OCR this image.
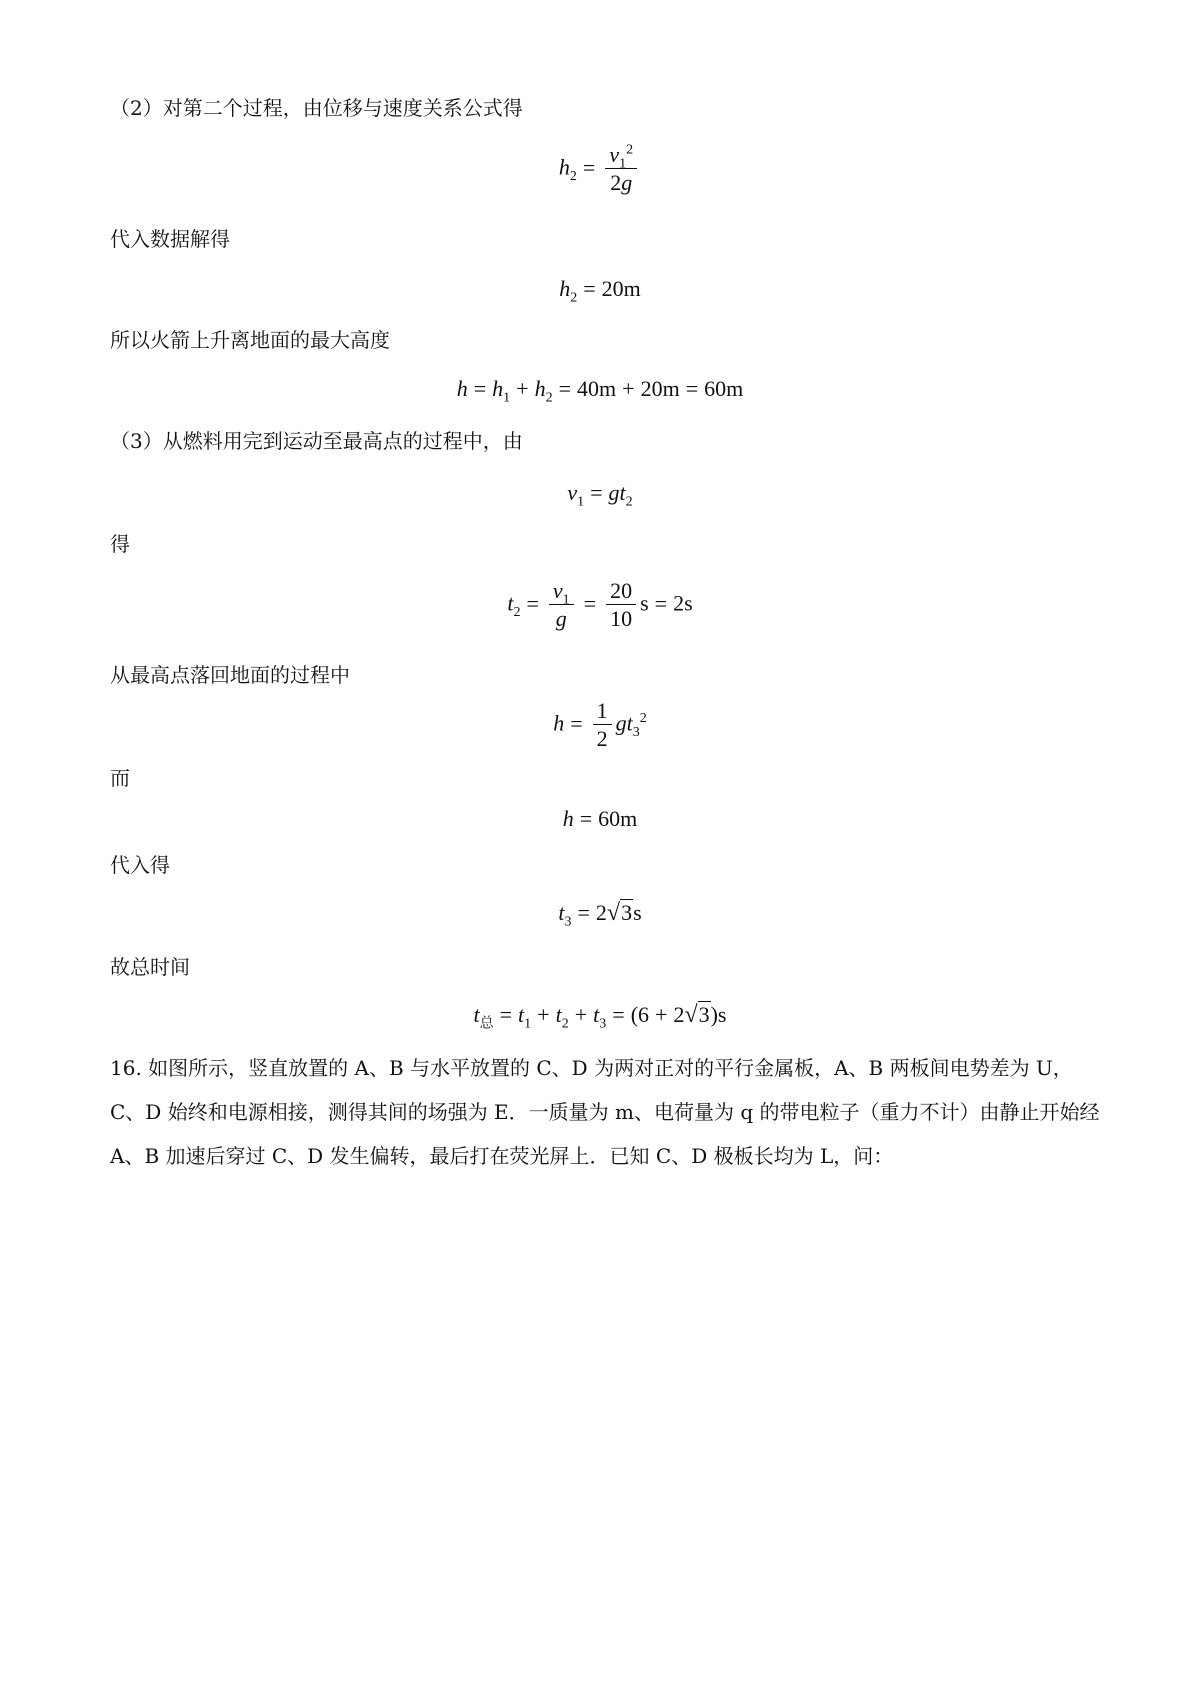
（2）对第二个过程，由位移与速度关系公式得
$h_2 = \frac{v_1^2}{2g}$
代入数据解得
$h_2 = 20m$
所以火箭上升离地面的最大高度
$h = h_1 + h_2 = 40m + 20m = 60m$
（3）从燃料用完到运动至最高点的过程中，由
$v_1 = gt_2$
得
$t_2 = \frac{v_1}{g} = \frac{20}{10}$ s = 2s
从最高点落回地面的过程中
$h = \frac{1}{2} gt_3^2$
而
h = 60m
代入得
$t_3 = 2√3s$
故总时间
$t_总 = t_1 + t_2 + t_3 = (6 + 2√3)s$
16. 如图所示，竖直放置的 A、B 与水平放置的 C、D 为两对正对的平行金属板，A、B 两板间电势差为 U，C、D 始终和电源相接，测得其间的场强为 E．一质量为 m、电荷量为 q 的带电粒子（重力不计）由静止开始经 A、B 加速后穿过 C、D 发生偏转，最后打在荧光屏上．已知 C、D 极板长均为 L，问：
